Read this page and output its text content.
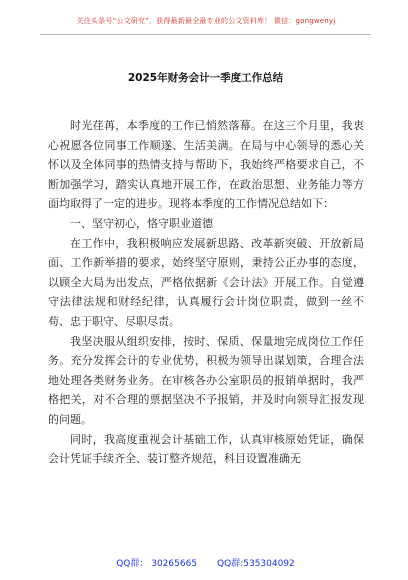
关注头条号“公文研究”，获得最新最全最专业的公文资料库！ 微信：gongwenyj
2025年财务会计一季度工作总结

时光荏苒，本季度的工作已悄然落幕。在这三个月里，我衷心祝愿各位同事工作顺遂、生活美满。在局与中心领导的悉心关怀以及全体同事的热情支持与帮助下，我始终严格要求自己，不断加强学习，踏实认真地开展工作，在政治思想、业务能力等方面均取得了一定的进步。现将本季度的工作情况总结如下：

一、坚守初心，恪守职业道德

在工作中，我积极响应发展新思路、改革新突破、开放新局面、工作新举措的要求，始终坚守原则，秉持公正办事的态度，以顾全大局为出发点，严格依据新《会计法》开展工作。自觉遵守法律法规和财经纪律，认真履行会计岗位职责，做到一丝不苟、忠于职守、尽职尽责。

我坚决服从组织安排，按时、保质、保量地完成岗位工作任务。充分发挥会计的专业优势，积极为领导出谋划策，合理合法地处理各类财务业务。在审核各办公室职员的报销单据时，我严格把关，对不合理的票据坚决不予报销，并及时向领导汇报发现的问题。

同时，我高度重视会计基础工作，认真审核原始凭证，确保会计凭证手续齐全、装订整齐规范，科目设置准确无

QQ群： 30265665 QQ群:535304092
